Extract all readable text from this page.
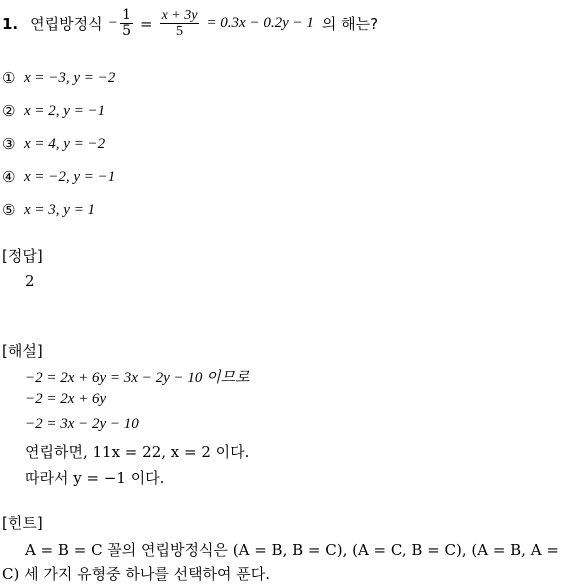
1. 연립방정식 − $\frac{1}{5} = \frac{x + 3y}{5} = 0.3x - 0.2y - 1$ 의 해는?
① x = −3, y = −2
② x = 2, y = −1
③ x = 4, y = −2
④ x = −2, y = −1
⑤ x = 3, y = 1
[정답]
2
[해설]
−2 = 2x + 6y = 3x − 2y − 10 이므로
−2 = 2x + 6y
−2 = 3x − 2y − 10
연립하면, 11x = 22, x = 2 이다.
따라서 y = −1 이다.
[힌트]
A = B = C 꼴의 연립방정식은 (A = B, B = C), (A = C, B = C), (A = B, A = C) 세 가지 유형중 하나를 선택하여 푼다.
